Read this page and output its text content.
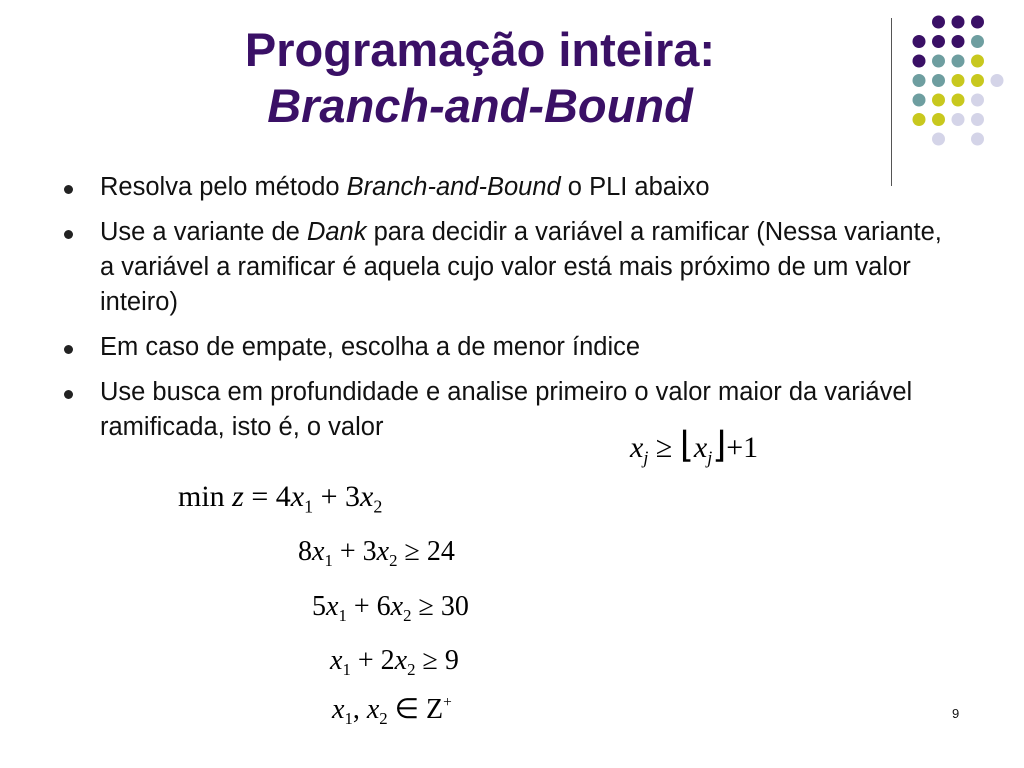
Programação inteira:
Branch-and-Bound
Resolva pelo método Branch-and-Bound o PLI abaixo
Use a variante de Dank para decidir a variável a ramificar (Nessa variante, a variável a ramificar é aquela cujo valor está mais próximo de um valor inteiro)
Em caso de empate, escolha a de menor índice
Use busca em profundidade e analise primeiro o valor maior da variável ramificada, isto é, o valor
$x_j$ ≥ $⌊x_j⌋+1$
$\min z = 4x_1 + 3x_2$
$8x_1 + 3x_2 \ge 24$
$5x_1 + 6x_2 \ge 30$
$x_1 + 2x_2 \ge 9$
$x_1$, $x_2$ ∈ Z+
9
